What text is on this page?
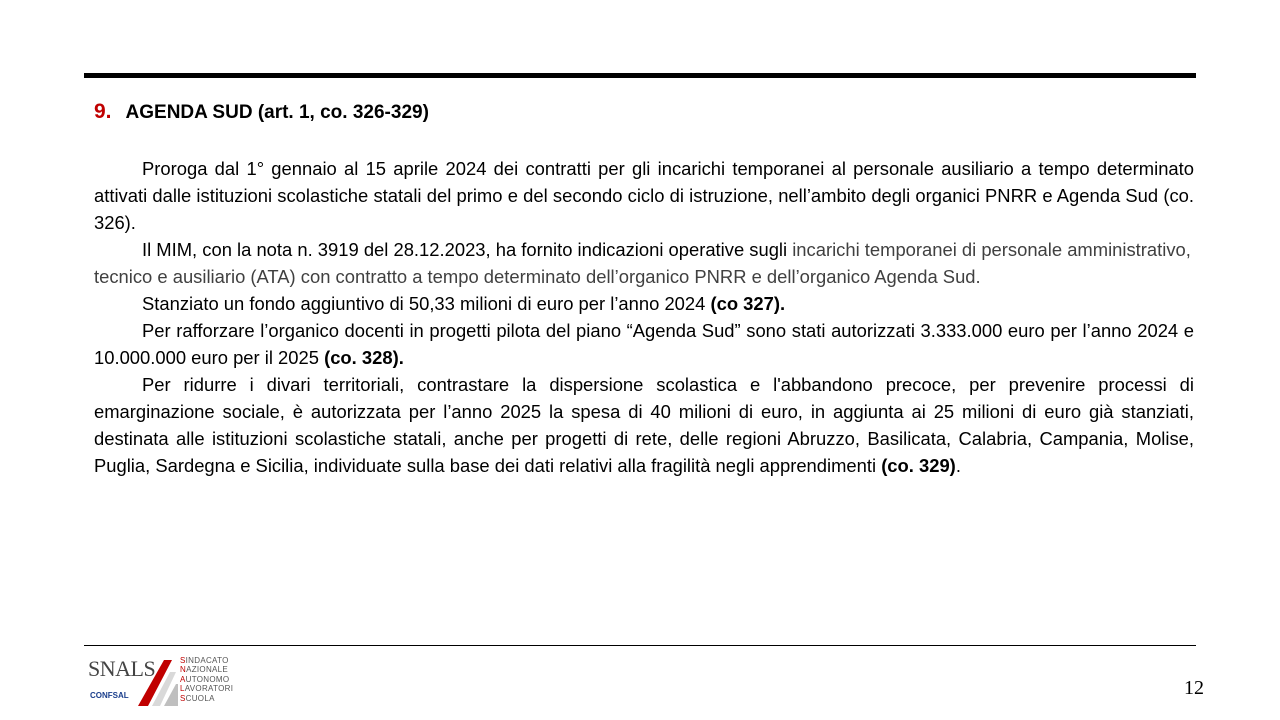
9. AGENDA SUD (art. 1, co. 326-329)

Proroga dal 1° gennaio al 15 aprile 2024 dei contratti per gli incarichi temporanei al personale ausiliario a tempo determinato attivati dalle istituzioni scolastiche statali del primo e del secondo ciclo di istruzione, nell’ambito degli organici PNRR e Agenda Sud (co. 326).

Il MIM, con la nota n. 3919 del 28.12.2023, ha fornito indicazioni operative sugli incarichi temporanei di personale amministrativo, tecnico e ausiliario (ATA) con contratto a tempo determinato dell’organico PNRR e dell’organico Agenda Sud.

Stanziato un fondo aggiuntivo di 50,33 milioni di euro per l’anno 2024 (co 327).

Per rafforzare l’organico docenti in progetti pilota del piano “Agenda Sud” sono stati autorizzati 3.333.000 euro per l’anno 2024 e 10.000.000 euro per il 2025 (co. 328).

Per ridurre i divari territoriali, contrastare la dispersione scolastica e l'abbandono precoce, per prevenire processi di emarginazione sociale, è autorizzata per l’anno 2025 la spesa di 40 milioni di euro, in aggiunta ai 25 milioni di euro già stanziati, destinata alle istituzioni scolastiche statali, anche per progetti di rete, delle regioni Abruzzo, Basilicata, Calabria, Campania, Molise, Puglia, Sardegna e Sicilia, individuate sulla base dei dati relativi alla fragilità negli apprendimenti (co. 329).

SNALS
CONFSAL
SINDACATO
NAZIONALE
AUTONOMO
LAVORATORI
SCUOLA	12
